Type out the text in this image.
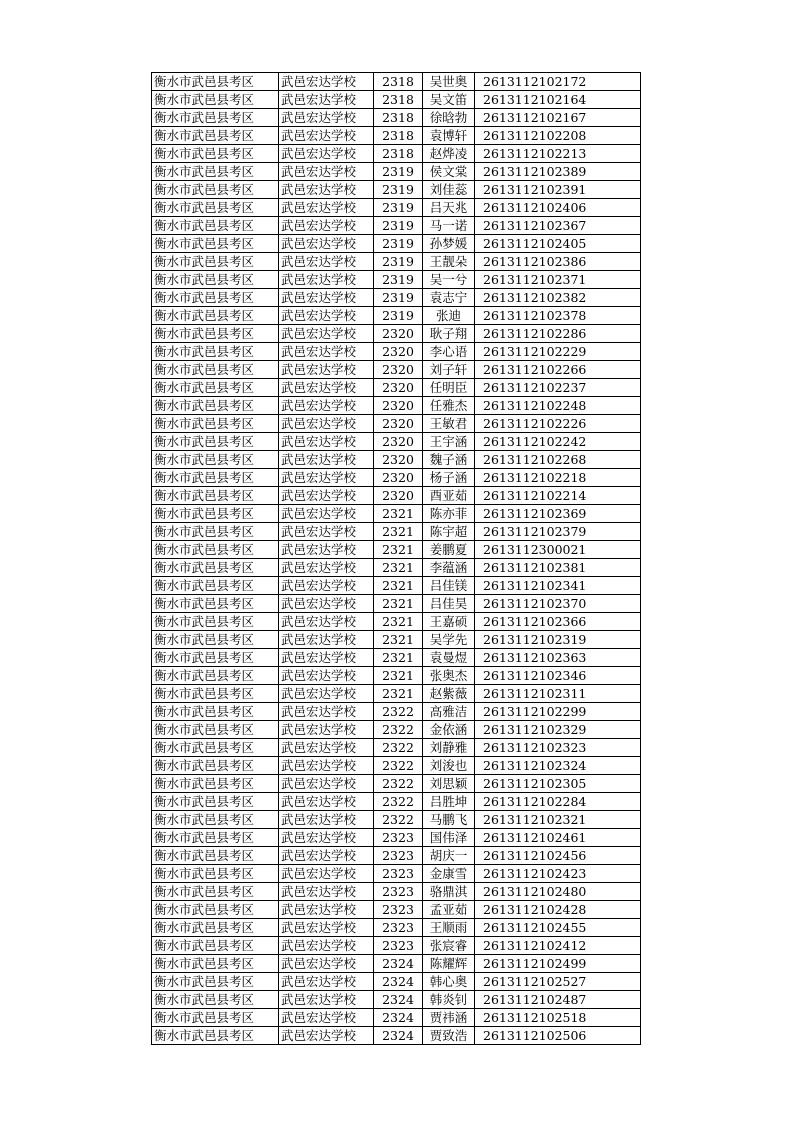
衡水市武邑县考区	武邑宏达学校	2318	吴世奥	2613112102172
衡水市武邑县考区	武邑宏达学校	2318	吴文笛	2613112102164
衡水市武邑县考区	武邑宏达学校	2318	徐晗勃	2613112102167
衡水市武邑县考区	武邑宏达学校	2318	袁博轩	2613112102208
衡水市武邑县考区	武邑宏达学校	2318	赵烨凌	2613112102213
衡水市武邑县考区	武邑宏达学校	2319	侯文棠	2613112102389
衡水市武邑县考区	武邑宏达学校	2319	刘佳蕊	2613112102391
衡水市武邑县考区	武邑宏达学校	2319	吕天兆	2613112102406
衡水市武邑县考区	武邑宏达学校	2319	马一诺	2613112102367
衡水市武邑县考区	武邑宏达学校	2319	孙梦媛	2613112102405
衡水市武邑县考区	武邑宏达学校	2319	王靓朵	2613112102386
衡水市武邑县考区	武邑宏达学校	2319	吴一兮	2613112102371
衡水市武邑县考区	武邑宏达学校	2319	袁志宁	2613112102382
衡水市武邑县考区	武邑宏达学校	2319	张迪	2613112102378
衡水市武邑县考区	武邑宏达学校	2320	耿子翔	2613112102286
衡水市武邑县考区	武邑宏达学校	2320	李心语	2613112102229
衡水市武邑县考区	武邑宏达学校	2320	刘子轩	2613112102266
衡水市武邑县考区	武邑宏达学校	2320	任明臣	2613112102237
衡水市武邑县考区	武邑宏达学校	2320	任雅杰	2613112102248
衡水市武邑县考区	武邑宏达学校	2320	王敏君	2613112102226
衡水市武邑县考区	武邑宏达学校	2320	王宇涵	2613112102242
衡水市武邑县考区	武邑宏达学校	2320	魏子涵	2613112102268
衡水市武邑县考区	武邑宏达学校	2320	杨子涵	2613112102218
衡水市武邑县考区	武邑宏达学校	2320	酉亚茹	2613112102214
衡水市武邑县考区	武邑宏达学校	2321	陈亦菲	2613112102369
衡水市武邑县考区	武邑宏达学校	2321	陈宇超	2613112102379
衡水市武邑县考区	武邑宏达学校	2321	姜鹏夏	2613112300021
衡水市武邑县考区	武邑宏达学校	2321	李蕴涵	2613112102381
衡水市武邑县考区	武邑宏达学校	2321	吕佳镁	2613112102341
衡水市武邑县考区	武邑宏达学校	2321	吕佳昊	2613112102370
衡水市武邑县考区	武邑宏达学校	2321	王嘉硕	2613112102366
衡水市武邑县考区	武邑宏达学校	2321	吴学先	2613112102319
衡水市武邑县考区	武邑宏达学校	2321	袁曼煜	2613112102363
衡水市武邑县考区	武邑宏达学校	2321	张奥杰	2613112102346
衡水市武邑县考区	武邑宏达学校	2321	赵紫薇	2613112102311
衡水市武邑县考区	武邑宏达学校	2322	高雅洁	2613112102299
衡水市武邑县考区	武邑宏达学校	2322	金依涵	2613112102329
衡水市武邑县考区	武邑宏达学校	2322	刘静雅	2613112102323
衡水市武邑县考区	武邑宏达学校	2322	刘浚也	2613112102324
衡水市武邑县考区	武邑宏达学校	2322	刘思颖	2613112102305
衡水市武邑县考区	武邑宏达学校	2322	吕胜坤	2613112102284
衡水市武邑县考区	武邑宏达学校	2322	马鹏飞	2613112102321
衡水市武邑县考区	武邑宏达学校	2323	国伟泽	2613112102461
衡水市武邑县考区	武邑宏达学校	2323	胡庆一	2613112102456
衡水市武邑县考区	武邑宏达学校	2323	金康雪	2613112102423
衡水市武邑县考区	武邑宏达学校	2323	骆鼎淇	2613112102480
衡水市武邑县考区	武邑宏达学校	2323	孟亚茹	2613112102428
衡水市武邑县考区	武邑宏达学校	2323	王顺雨	2613112102455
衡水市武邑县考区	武邑宏达学校	2323	张宸睿	2613112102412
衡水市武邑县考区	武邑宏达学校	2324	陈耀辉	2613112102499
衡水市武邑县考区	武邑宏达学校	2324	韩心奥	2613112102527
衡水市武邑县考区	武邑宏达学校	2324	韩炎钊	2613112102487
衡水市武邑县考区	武邑宏达学校	2324	贾祎涵	2613112102518
衡水市武邑县考区	武邑宏达学校	2324	贾致浩	2613112102506
